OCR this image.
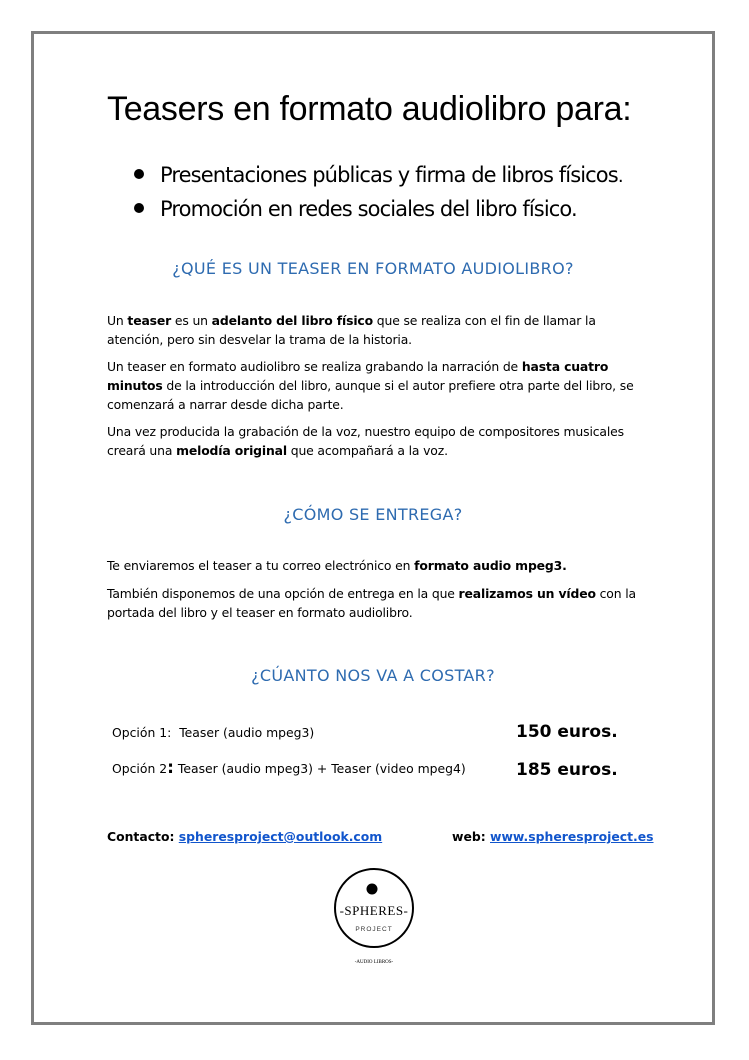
Teasers en formato audiolibro para:
Presentaciones públicas y firma de libros físicos.
Promoción en redes sociales del libro físico.
¿QUÉ ES UN TEASER EN FORMATO AUDIOLIBRO?

Un teaser es un adelanto del libro físico que se realiza con el fin de llamar la atención, pero sin desvelar la trama de la historia.

Un teaser en formato audiolibro se realiza grabando la narración de hasta cuatro minutos de la introducción del libro, aunque si el autor prefiere otra parte del libro, se comenzará a narrar desde dicha parte.

Una vez producida la grabación de la voz, nuestro equipo de compositores musicales creará una melodía original que acompañará a la voz.

¿CÓMO SE ENTREGA?

Te enviaremos el teaser a tu correo electrónico en formato audio mpeg3.

También disponemos de una opción de entrega en la que realizamos un vídeo con la portada del libro y el teaser en formato audiolibro.

¿CÚANTO NOS VA A COSTAR?
Opción 1:  Teaser (audio mpeg3)	150 euros.
Opción 2: Teaser (audio mpeg3) + Teaser (video mpeg4)	185 euros.
Contacto: spheresproject@outlook.com	web: www.spheresproject.es
-SPHERES-
PROJECT
-AUDIO LIBROS-
